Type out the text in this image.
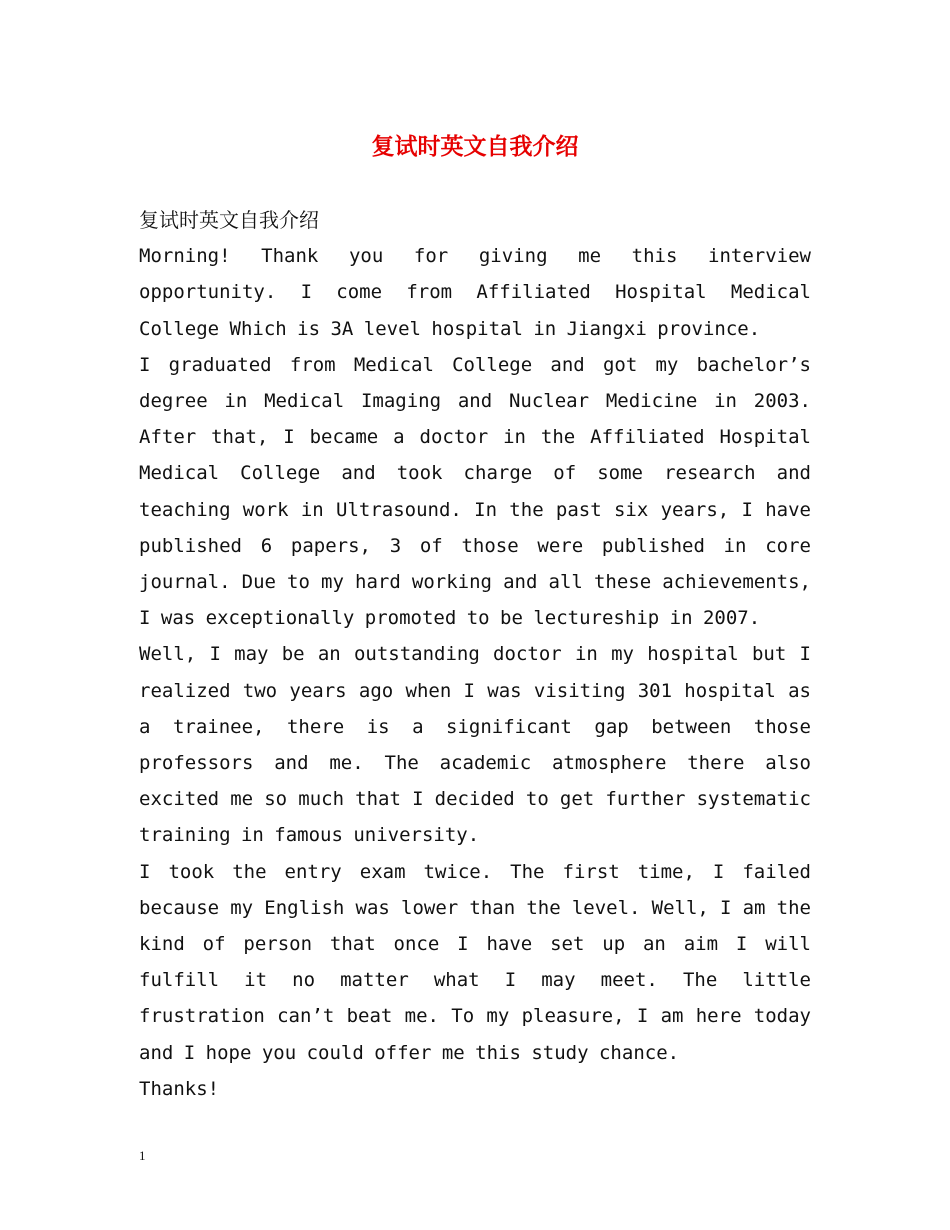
复试时英文自我介绍

复试时英文自我介绍

Morning! Thank you for giving me this interview opportunity. I come from Affiliated Hospital Medical College Which is 3A level hospital in Jiangxi province.

I graduated from Medical College and got my bachelor’s degree in Medical Imaging and Nuclear Medicine in 2003. After that, I became a doctor in the Affiliated Hospital Medical College and took charge of some research and teaching work in Ultrasound. In the past six years, I have published 6 papers, 3 of those were published in core journal. Due to my hard working and all these achievements, I was exceptionally promoted to be lectureship in 2007.

Well, I may be an outstanding doctor in my hospital but I realized two years ago when I was visiting 301 hospital as a trainee, there is a significant gap between those professors and me. The academic atmosphere there also excited me so much that I decided to get further systematic training in famous university.

I took the entry exam twice. The first time, I failed because my English was lower than the level. Well, I am the kind of person that once I have set up an aim I will fulfill it no matter what I may meet. The little frustration can’t beat me. To my pleasure, I am here today and I hope you could offer me this study chance.

Thanks!

1
